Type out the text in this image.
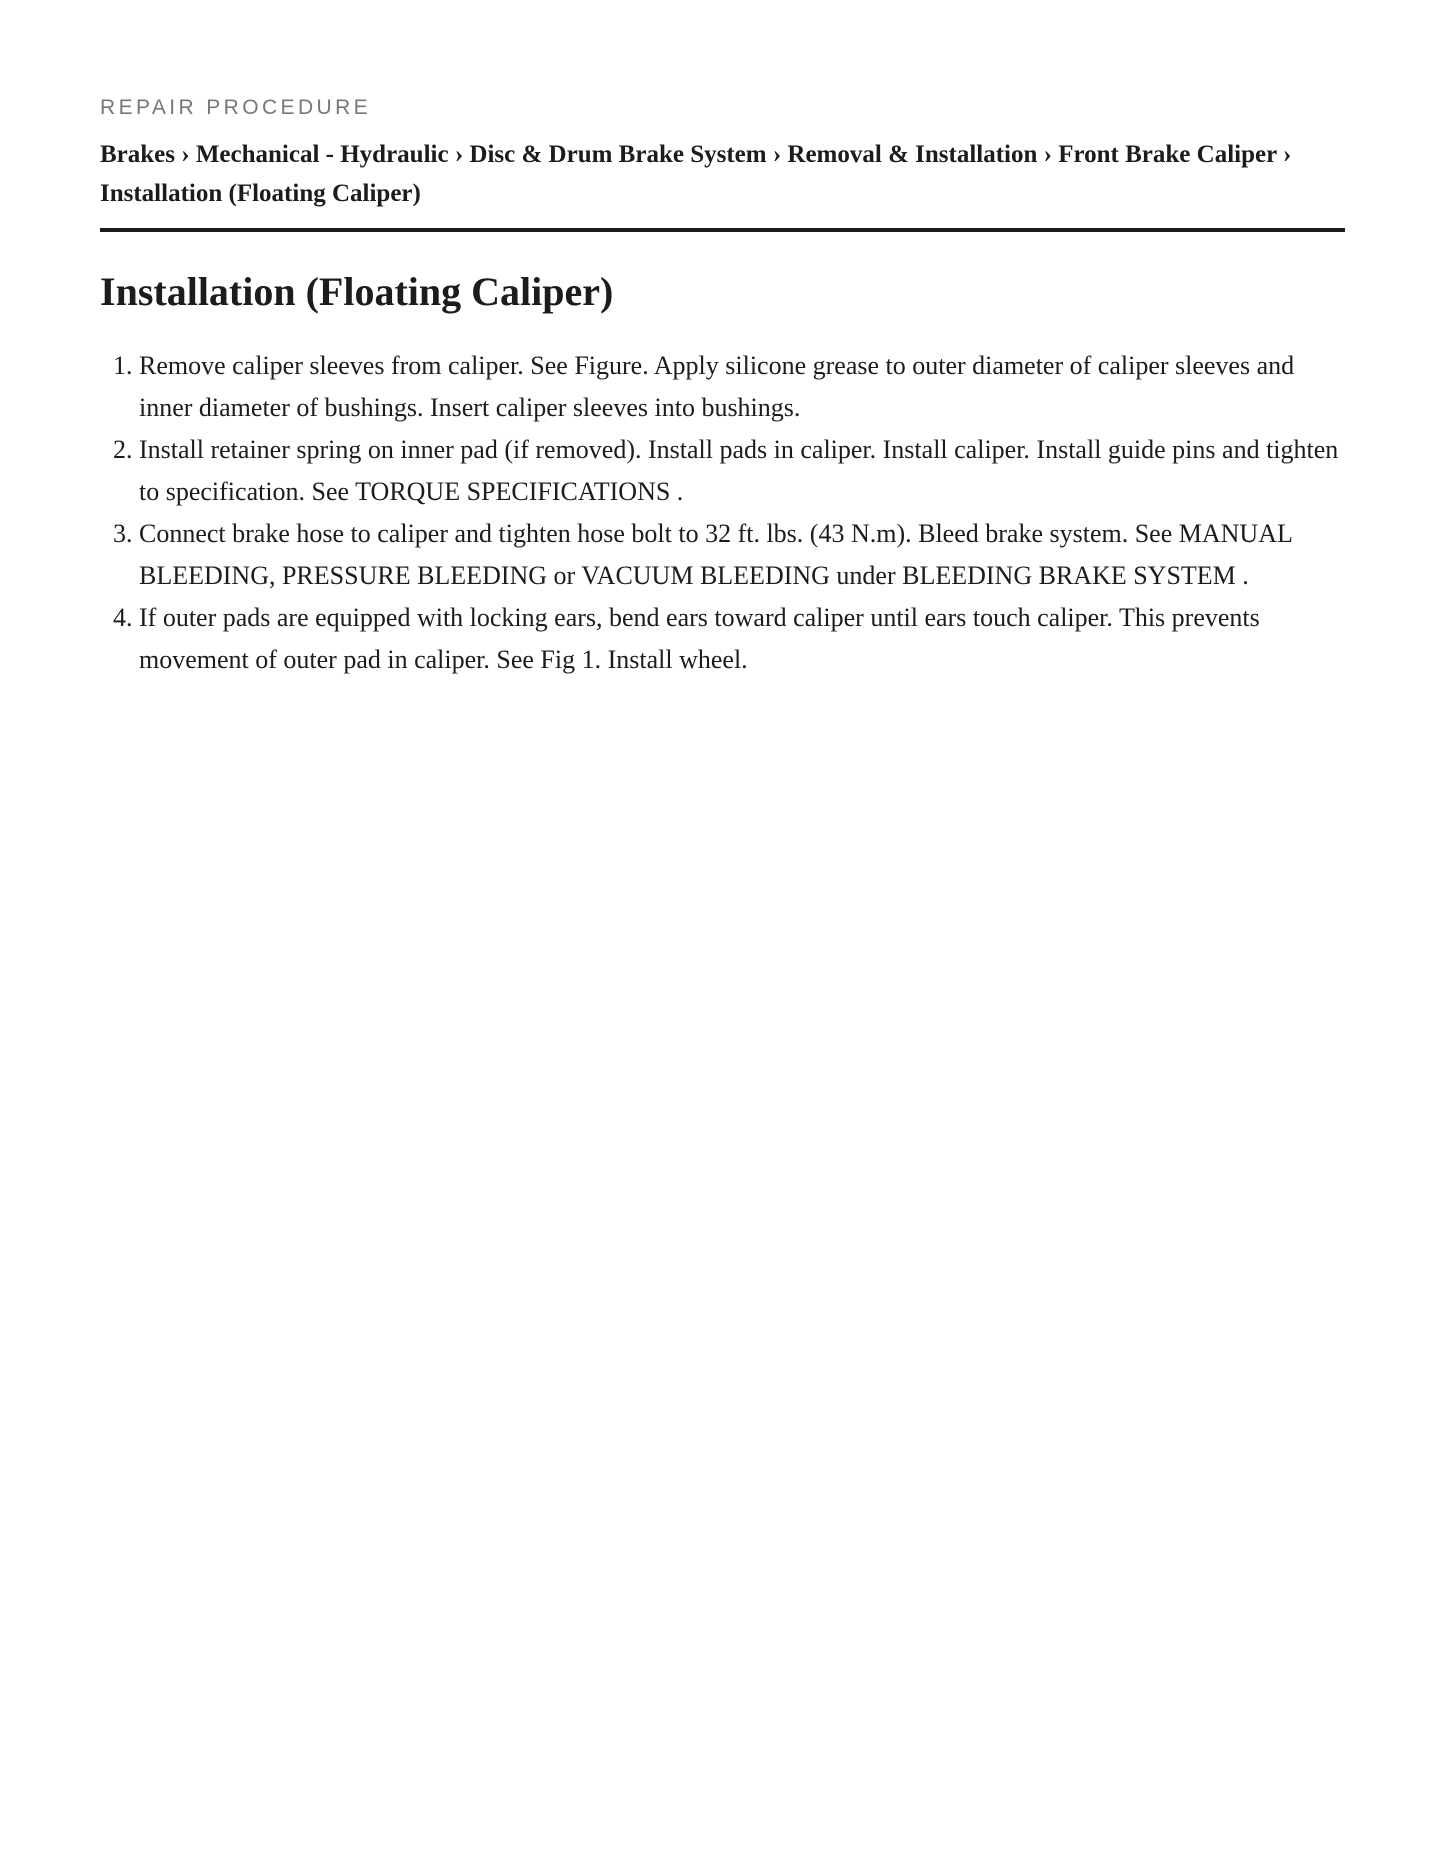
REPAIR PROCEDURE
Brakes › Mechanical - Hydraulic › Disc & Drum Brake System › Removal & Installation › Front Brake Caliper › Installation (Floating Caliper)
Installation (Floating Caliper)
1. Remove caliper sleeves from caliper. See Figure. Apply silicone grease to outer diameter of caliper sleeves and inner diameter of bushings. Insert caliper sleeves into bushings.
2. Install retainer spring on inner pad (if removed). Install pads in caliper. Install caliper. Install guide pins and tighten to specification. See TORQUE SPECIFICATIONS .
3. Connect brake hose to caliper and tighten hose bolt to 32 ft. lbs. (43 N.m). Bleed brake system. See MANUAL BLEEDING, PRESSURE BLEEDING or VACUUM BLEEDING under BLEEDING BRAKE SYSTEM .
4. If outer pads are equipped with locking ears, bend ears toward caliper until ears touch caliper. This prevents movement of outer pad in caliper. See Fig 1. Install wheel.
